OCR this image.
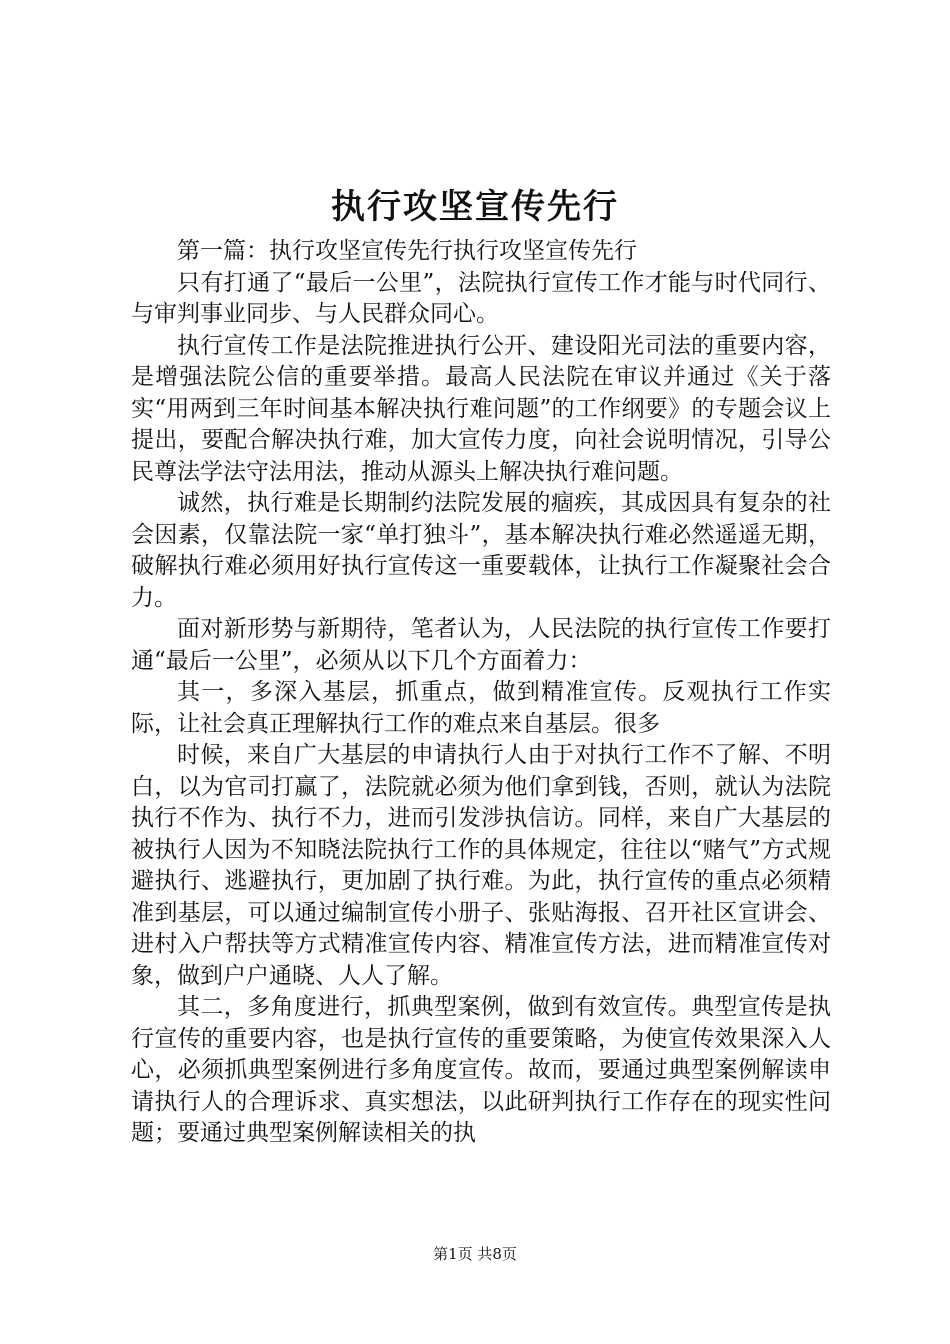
执行攻坚宣传先行

第一篇：执行攻坚宣传先行执行攻坚宣传先行

只有打通了“最后一公里”，法院执行宣传工作才能与时代同行、与审判事业同步、与人民群众同心。

执行宣传工作是法院推进执行公开、建设阳光司法的重要内容，是增强法院公信的重要举措。最高人民法院在审议并通过《关于落实“用两到三年时间基本解决执行难问题”的工作纲要》的专题会议上提出，要配合解决执行难，加大宣传力度，向社会说明情况，引导公民尊法学法守法用法，推动从源头上解决执行难问题。

诚然，执行难是长期制约法院发展的痼疾，其成因具有复杂的社会因素，仅靠法院一家“单打独斗”，基本解决执行难必然遥遥无期，破解执行难必须用好执行宣传这一重要载体，让执行工作凝聚社会合力。

面对新形势与新期待，笔者认为，人民法院的执行宣传工作要打通“最后一公里”，必须从以下几个方面着力：

其一，多深入基层，抓重点，做到精准宣传。反观执行工作实际，让社会真正理解执行工作的难点来自基层。很多

时候，来自广大基层的申请执行人由于对执行工作不了解、不明白，以为官司打赢了，法院就必须为他们拿到钱，否则，就认为法院执行不作为、执行不力，进而引发涉执信访。同样，来自广大基层的被执行人因为不知晓法院执行工作的具体规定，往往以“赌气”方式规避执行、逃避执行，更加剧了执行难。为此，执行宣传的重点必须精准到基层，可以通过编制宣传小册子、张贴海报、召开社区宣讲会、进村入户帮扶等方式精准宣传内容、精准宣传方法，进而精准宣传对象，做到户户通晓、人人了解。

其二，多角度进行，抓典型案例，做到有效宣传。典型宣传是执行宣传的重要内容，也是执行宣传的重要策略，为使宣传效果深入人心，必须抓典型案例进行多角度宣传。故而，要通过典型案例解读申请执行人的合理诉求、真实想法，以此研判执行工作存在的现实性问题；要通过典型案例解读相关的执

第1页 共8页
